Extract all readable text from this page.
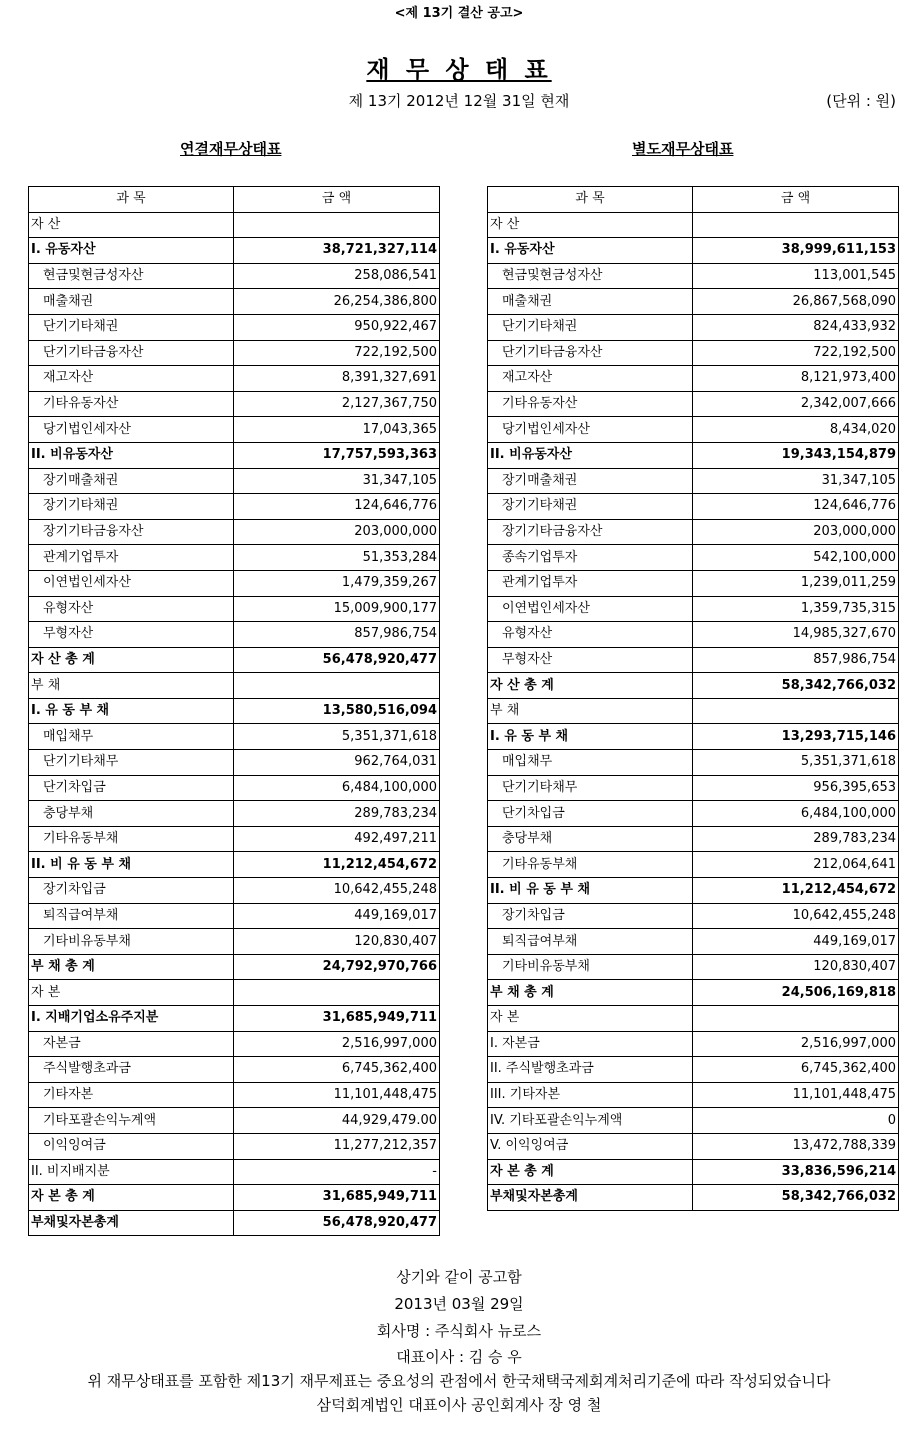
<제 13기 결산 공고>
재 무 상 태 표
제 13기 2012년 12월 31일 현재	(단위 : 원)
연결재무상태표	별도재무상태표
과 목	금 액
자 산	
I. 유동자산	38,721,327,114
현금및현금성자산	258,086,541
매출채권	26,254,386,800
단기기타채권	950,922,467
단기기타금융자산	722,192,500
재고자산	8,391,327,691
기타유동자산	2,127,367,750
당기법인세자산	17,043,365
II. 비유동자산	17,757,593,363
장기매출채권	31,347,105
장기기타채권	124,646,776
장기기타금융자산	203,000,000
관계기업투자	51,353,284
이연법인세자산	1,479,359,267
유형자산	15,009,900,177
무형자산	857,986,754
자 산 총 계	56,478,920,477
부 채	
I. 유 동 부 채	13,580,516,094
매입채무	5,351,371,618
단기기타채무	962,764,031
단기차입금	6,484,100,000
충당부채	289,783,234
기타유동부채	492,497,211
II. 비 유 동 부 채	11,212,454,672
장기차입금	10,642,455,248
퇴직급여부채	449,169,017
기타비유동부채	120,830,407
부 채 총 계	24,792,970,766
자 본	
I. 지배기업소유주지분	31,685,949,711
자본금	2,516,997,000
주식발행초과금	6,745,362,400
기타자본	11,101,448,475
기타포괄손익누계액	44,929,479.00
이익잉여금	11,277,212,357
II. 비지배지분	-
자 본 총 계	31,685,949,711
부채및자본총계	56,478,920,477
과 목	금 액
자 산	
I. 유동자산	38,999,611,153
현금및현금성자산	113,001,545
매출채권	26,867,568,090
단기기타채권	824,433,932
단기기타금융자산	722,192,500
재고자산	8,121,973,400
기타유동자산	2,342,007,666
당기법인세자산	8,434,020
II. 비유동자산	19,343,154,879
장기매출채권	31,347,105
장기기타채권	124,646,776
장기기타금융자산	203,000,000
종속기업투자	542,100,000
관계기업투자	1,239,011,259
이연법인세자산	1,359,735,315
유형자산	14,985,327,670
무형자산	857,986,754
자 산 총 계	58,342,766,032
부 채	
I. 유 동 부 채	13,293,715,146
매입채무	5,351,371,618
단기기타채무	956,395,653
단기차입금	6,484,100,000
충당부채	289,783,234
기타유동부채	212,064,641
II. 비 유 동 부 채	11,212,454,672
장기차입금	10,642,455,248
퇴직급여부채	449,169,017
기타비유동부채	120,830,407
부 채 총 계	24,506,169,818
자 본	
I. 자본금	2,516,997,000
II. 주식발행초과금	6,745,362,400
III. 기타자본	11,101,448,475
IV. 기타포괄손익누계액	0
V. 이익잉여금	13,472,788,339
자 본 총 계	33,836,596,214
부채및자본총계	58,342,766,032
상기와 같이 공고함
2013년 03월 29일
회사명 : 주식회사 뉴로스
대표이사 : 김 승 우
위 재무상태표를 포함한 제13기 재무제표는 중요성의 관점에서 한국채택국제회계처리기준에 따라 작성되었습니다
삼덕회계법인 대표이사 공인회계사 장 영 철
